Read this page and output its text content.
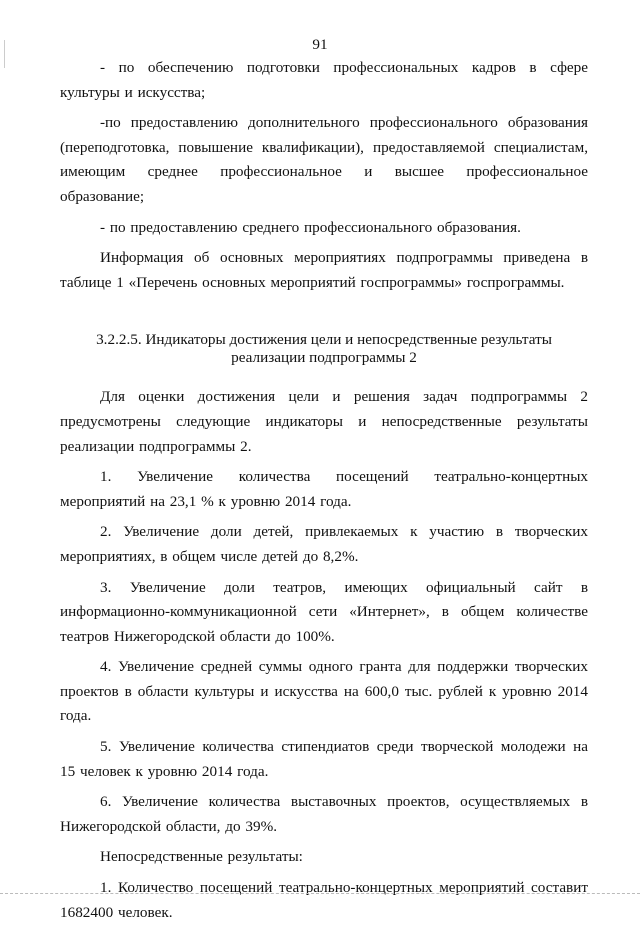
91

- по обеспечению подготовки профессиональных кадров в сфере культуры и искусства;

-по предоставлению дополнительного профессионального образования (переподготовка, повышение квалификации), предоставляемой специалистам, имеющим среднее профессиональное и высшее профессиональное образование;

- по предоставлению среднего профессионального образования.

Информация об основных мероприятиях подпрограммы приведена в таблице 1 «Перечень основных мероприятий госпрограммы» госпрограммы.

3.2.2.5. Индикаторы достижения цели и непосредственные результаты
реализации подпрограммы 2

Для оценки достижения цели и решения задач подпрограммы 2 предусмотрены следующие индикаторы и непосредственные результаты реализации подпрограммы 2.

1. Увеличение количества посещений театрально-концертных мероприятий на 23,1 % к уровню 2014 года.

2. Увеличение доли детей, привлекаемых к участию в творческих мероприятиях, в общем числе детей до 8,2%.

3. Увеличение доли театров, имеющих официальный сайт в информационно-коммуникационной сети «Интернет», в общем количестве театров Нижегородской области до 100%.

4. Увеличение средней суммы одного гранта для поддержки творческих проектов в области культуры и искусства на 600,0 тыс. рублей к уровню 2014 года.

5. Увеличение количества стипендиатов среди творческой молодежи на 15 человек к уровню 2014 года.

6. Увеличение количества выставочных проектов, осуществляемых в Нижегородской области, до 39%.

Непосредственные результаты:

1. Количество посещений театрально-концертных мероприятий составит 1682400 человек.
